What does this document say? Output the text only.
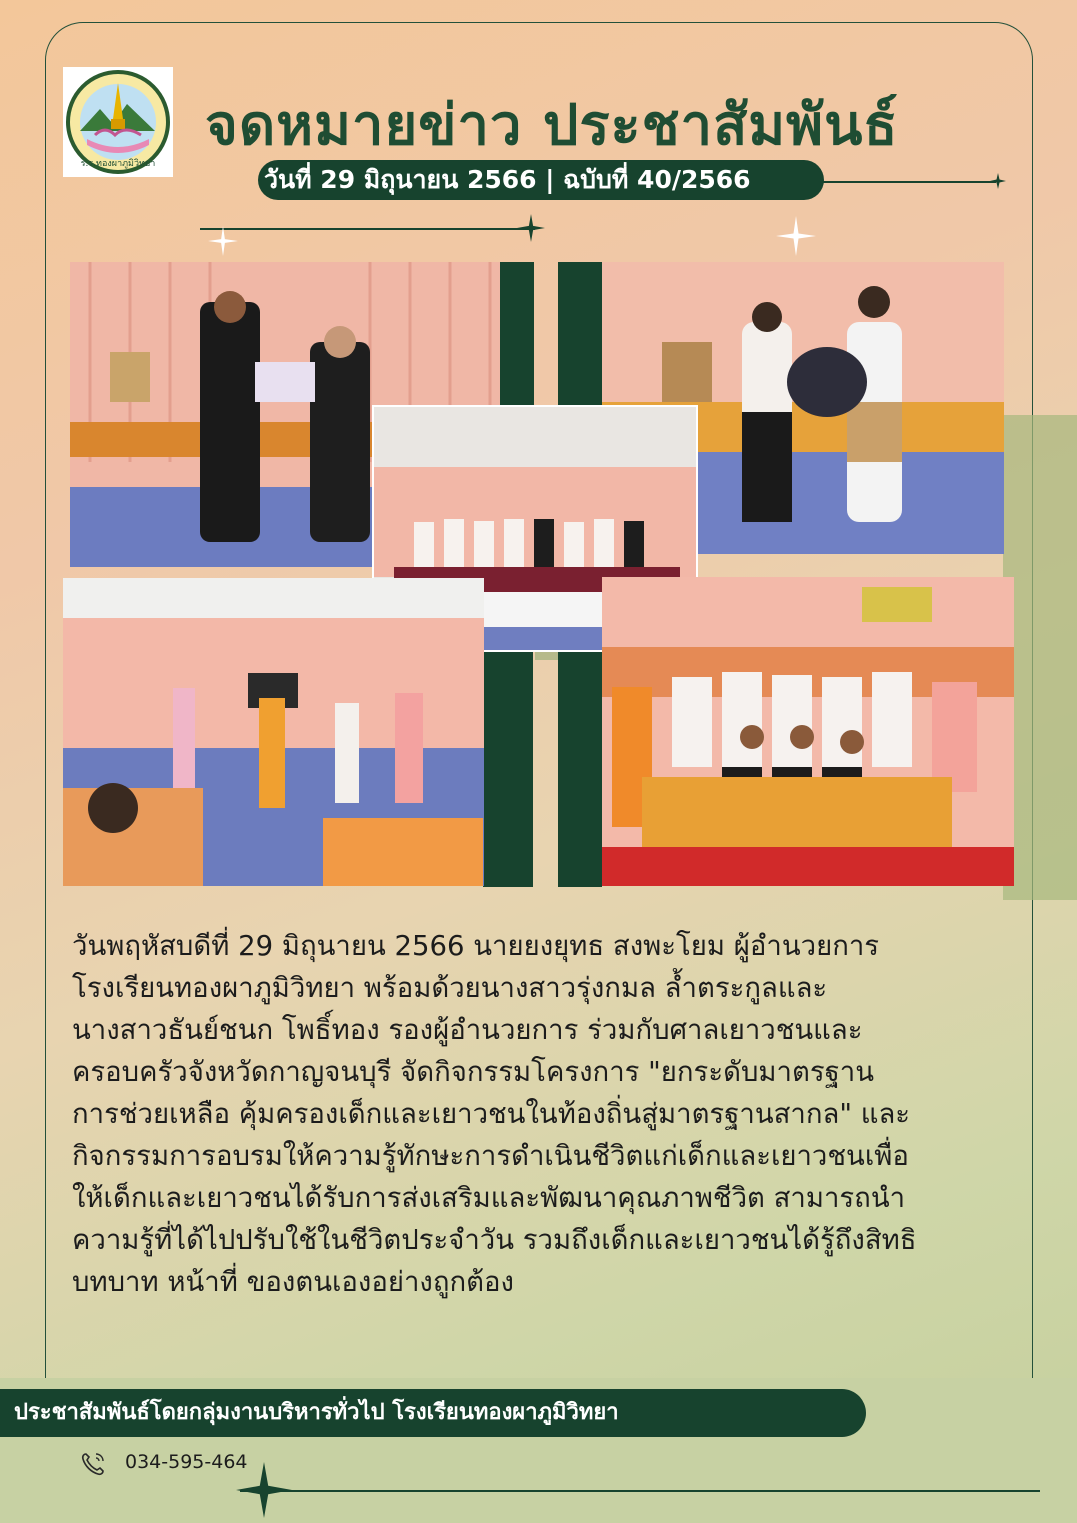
ร.ร.ทองผาภูมิวิทยา
จดหมายข่าว ประชาสัมพันธ์
วันที่ 29 มิถุนายน 2566 | ฉบับที่ 40/2566

วันพฤหัสบดีที่ 29 มิถุนายน 2566 นายยงยุทธ สงพะโยม ผู้อำนวยการ

โรงเรียนทองผาภูมิวิทยา พร้อมด้วยนางสาวรุ่งกมล ล้ำตระกูลและ

นางสาวธันย์ชนก โพธิ์ทอง รองผู้อำนวยการ ร่วมกับศาลเยาวชนและ

ครอบครัวจังหวัดกาญจนบุรี จัดกิจกรรมโครงการ "ยกระดับมาตรฐาน

การช่วยเหลือ คุ้มครองเด็กและเยาวชนในท้องถิ่นสู่มาตรฐานสากล" และ

กิจกรรมการอบรมให้ความรู้ทักษะการดำเนินชีวิตแก่เด็กและเยาวชนเพื่อ

ให้เด็กและเยาวชนได้รับการส่งเสริมและพัฒนาคุณภาพชีวิต สามารถนำ

ความรู้ที่ได้ไปปรับใช้ในชีวิตประจำวัน รวมถึงเด็กและเยาวชนได้รู้ถึงสิทธิ

บทบาท หน้าที่ ของตนเองอย่างถูกต้อง

ประชาสัมพันธ์โดยกลุ่มงานบริหารทั่วไป โรงเรียนทองผาภูมิวิทยา
034-595-464
